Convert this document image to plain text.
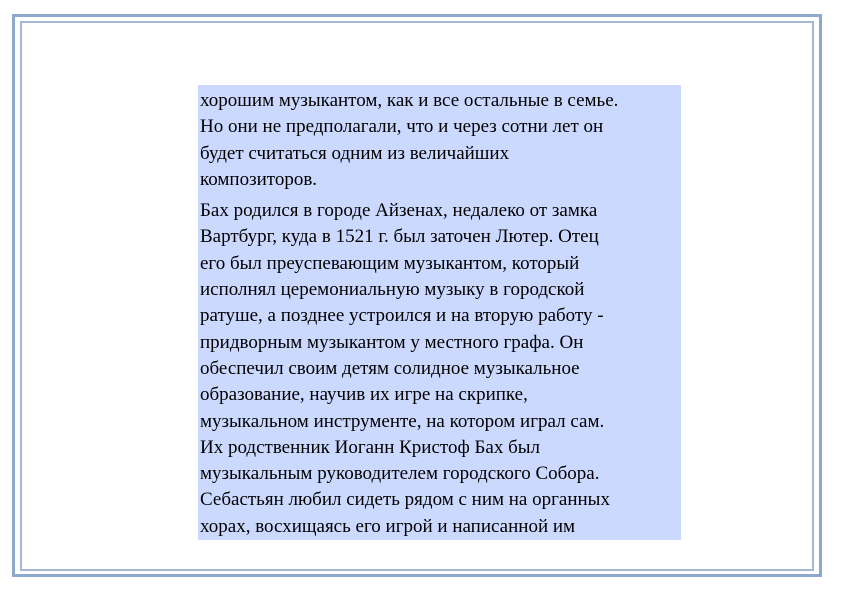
хорошим музыкантом, как и все остальные в семье.
Но они не предполагали, что и через сотни лет он
будет считаться одним из величайших
композиторов.

Бах родился в городе Айзенах, недалеко от замка
Вартбург, куда в 1521 г. был заточен Лютер. Отец
его был преуспевающим музыкантом, который
исполнял церемониальную музыку в городской
ратуше, а позднее устроился и на вторую работу -
придворным музыкантом у местного графа. Он
обеспечил своим детям солидное музыкальное
образование, научив их игре на скрипке,
музыкальном инструменте, на котором играл сам.
Их родственник Иоганн Кристоф Бах был
музыкальным руководителем городского Собора.
Себастьян любил сидеть рядом с ним на органных
хорах, восхищаясь его игрой и написанной им
